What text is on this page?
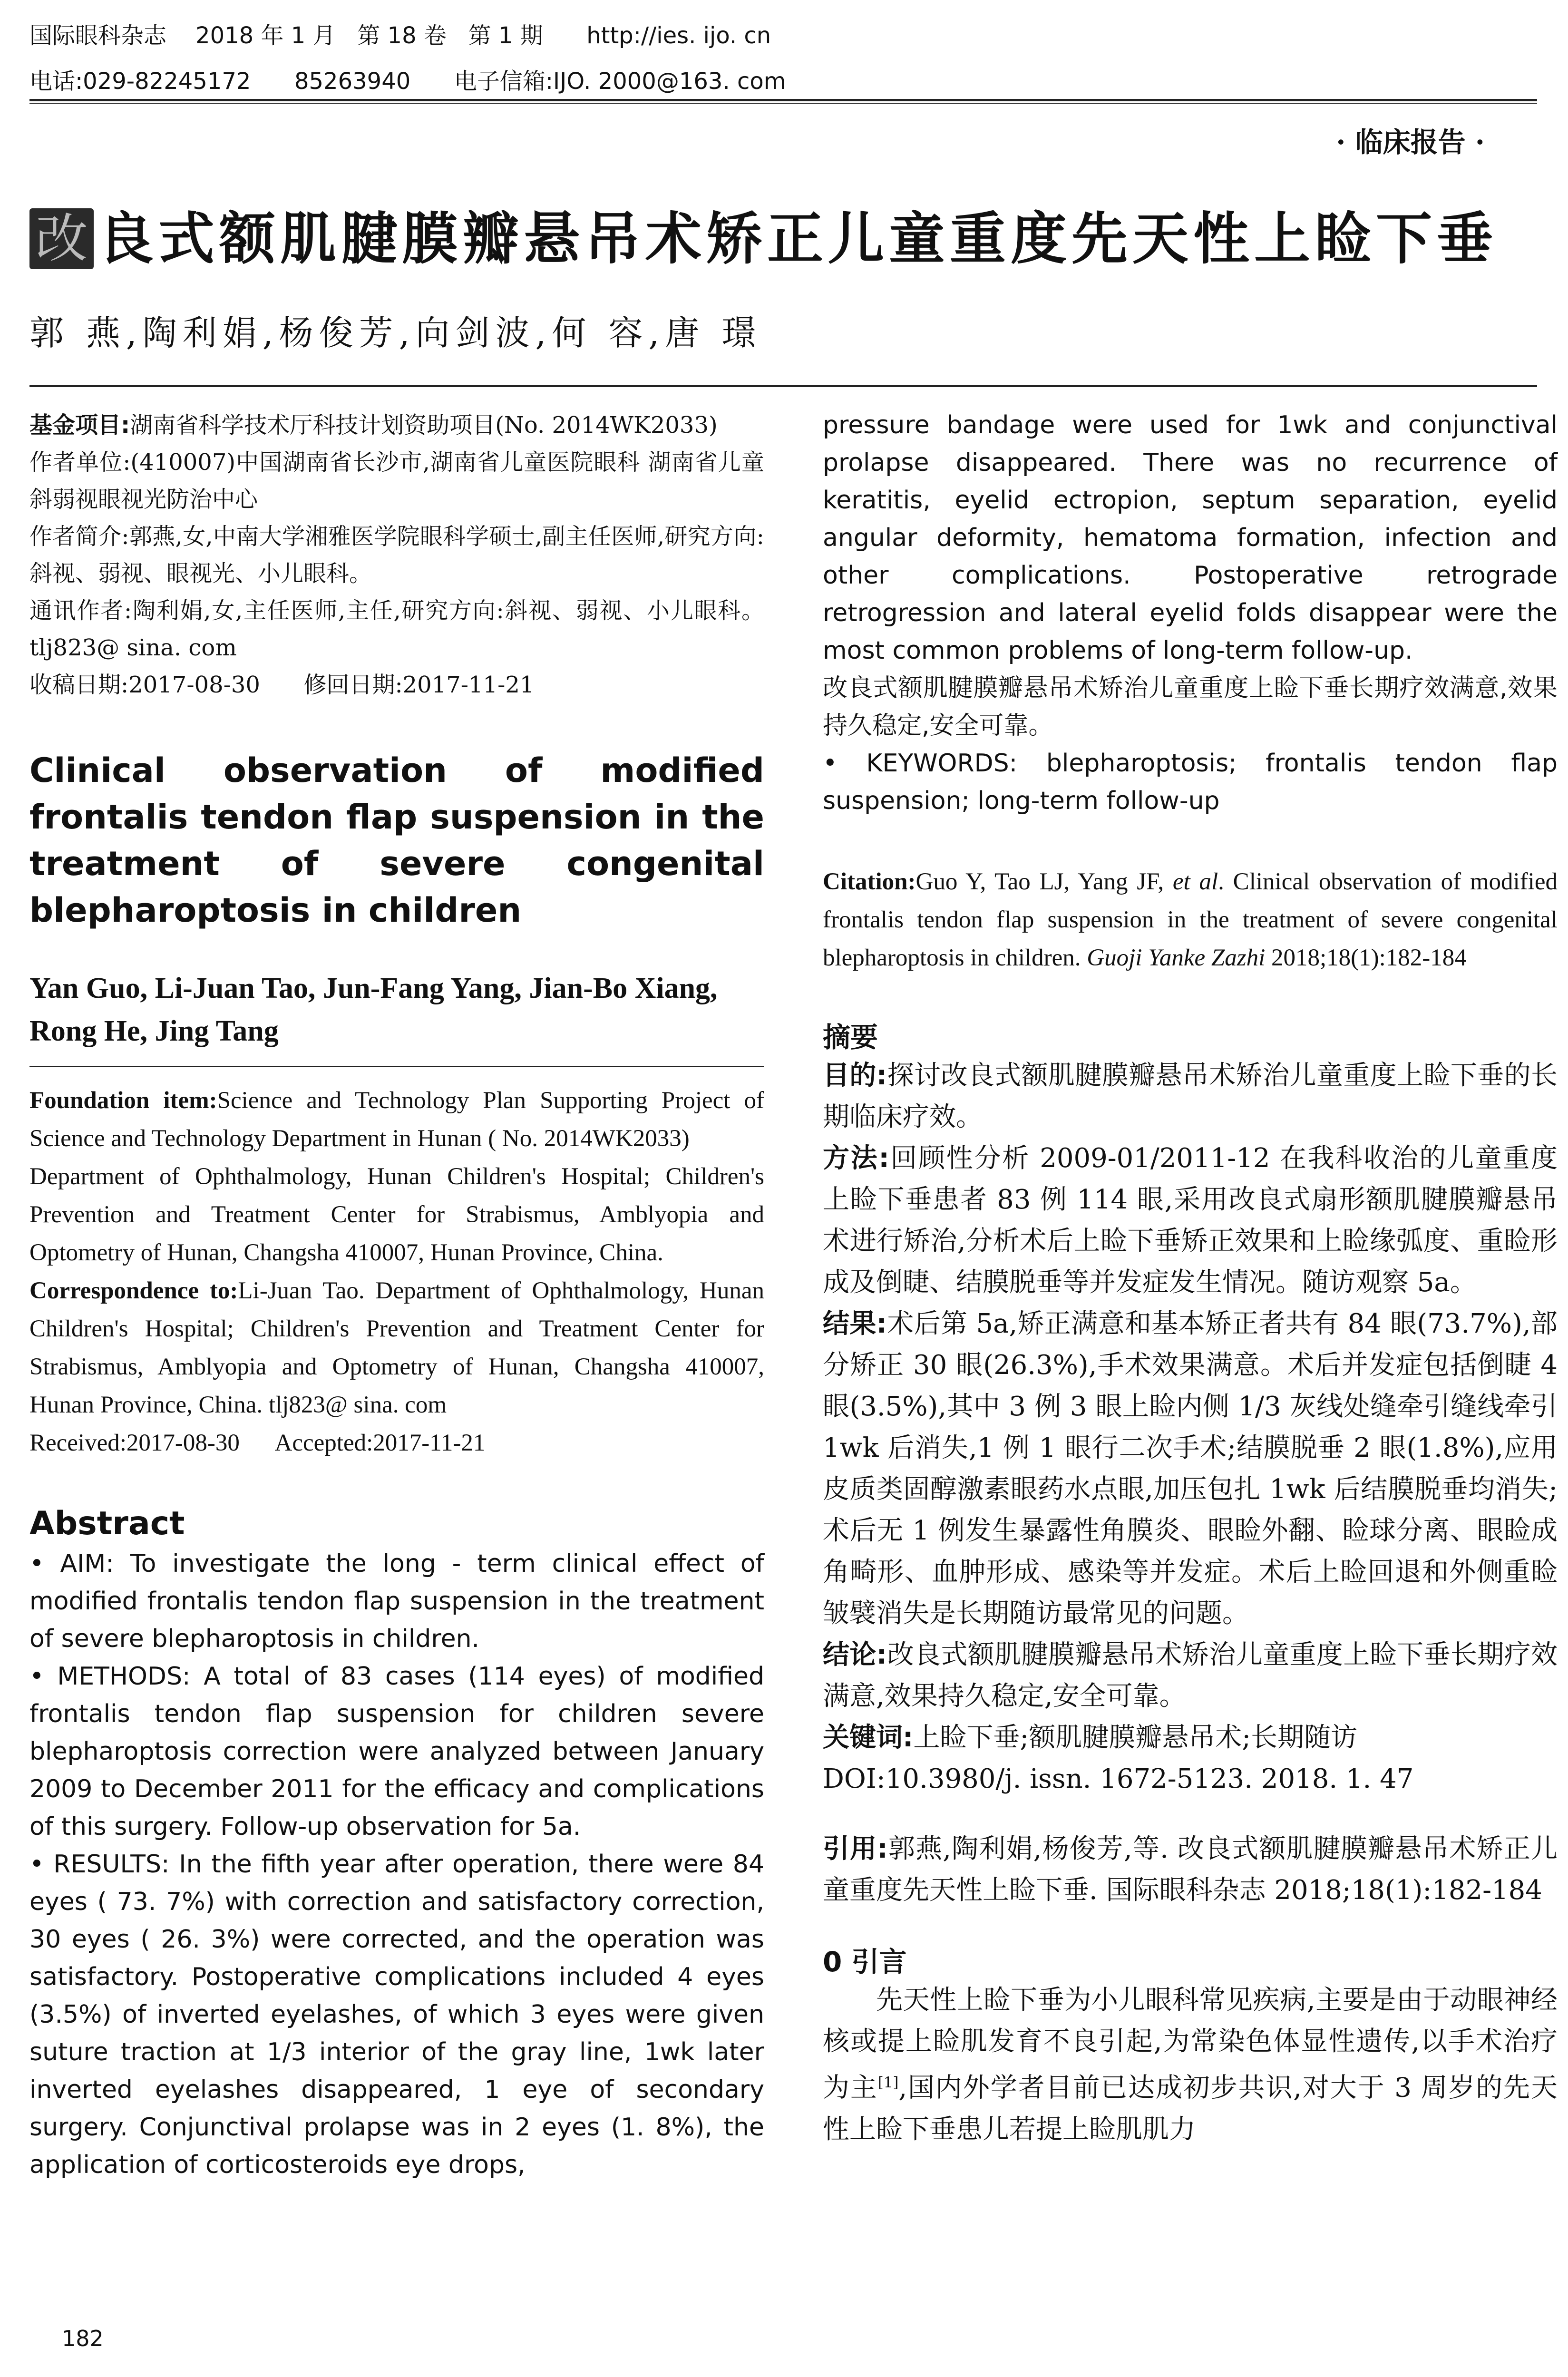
国际眼科杂志    2018 年 1 月   第 18 卷   第 1 期      http://ies. ijo. cn
电话:029-82245172      85263940      电子信箱:IJO. 2000@163. com
· 临床报告 ·
改 良式额肌腱膜瓣悬吊术矫正儿童重度先天性上睑下垂
郭 燕,陶利娟,杨俊芳,向剑波,何 容,唐 璟

基金项目:湖南省科学技术厅科技计划资助项目(No. 2014WK2033)

作者单位:(410007)中国湖南省长沙市,湖南省儿童医院眼科 湖南省儿童斜弱视眼视光防治中心

作者简介:郭燕,女,中南大学湘雅医学院眼科学硕士,副主任医师,研究方向:斜视、弱视、眼视光、小儿眼科。

通讯作者:陶利娟,女,主任医师,主任,研究方向:斜视、弱视、小儿眼科。tlj823@ sina. com

收稿日期:2017-08-30      修回日期:2017-11-21

Clinical observation of modified frontalis tendon flap suspension in the treatment of severe congenital blepharoptosis in children

Yan Guo, Li-Juan Tao, Jun-Fang Yang, Jian-Bo Xiang, Rong He, Jing Tang

Foundation item:Science and Technology Plan Supporting Project of Science and Technology Department in Hunan ( No. 2014WK2033)

Department of Ophthalmology, Hunan Children's Hospital; Children's Prevention and Treatment Center for Strabismus, Amblyopia and Optometry of Hunan, Changsha 410007, Hunan Province, China.

Correspondence to:Li-Juan Tao. Department of Ophthalmology, Hunan Children's Hospital; Children's Prevention and Treatment Center for Strabismus, Amblyopia and Optometry of Hunan, Changsha 410007, Hunan Province, China. tlj823@ sina. com

Received:2017-08-30      Accepted:2017-11-21

Abstract

• AIM: To investigate the long - term clinical effect of modified frontalis tendon flap suspension in the treatment of severe blepharoptosis in children.

• METHODS: A total of 83 cases (114 eyes) of modified frontalis tendon flap suspension for children severe blepharoptosis correction were analyzed between January 2009 to December 2011 for the efficacy and complications of this surgery. Follow-up observation for 5a.

• RESULTS: In the fifth year after operation, there were 84 eyes ( 73. 7%) with correction and satisfactory correction, 30 eyes ( 26. 3%) were corrected, and the operation was satisfactory. Postoperative complications included 4 eyes (3.5%) of inverted eyelashes, of which 3 eyes were given suture traction at 1/3 interior of the gray line, 1wk later inverted eyelashes disappeared, 1 eye of secondary surgery. Conjunctival prolapse was in 2 eyes (1. 8%), the application of corticosteroids eye drops,

pressure bandage were used for 1wk and conjunctival prolapse disappeared. There was no recurrence of keratitis, eyelid ectropion, septum separation, eyelid angular deformity, hematoma formation, infection and other complications. Postoperative retrograde retrogression and lateral eyelid folds disappear were the most common problems of long-term follow-up.

改良式额肌腱膜瓣悬吊术矫治儿童重度上睑下垂长期疗效满意,效果持久稳定,安全可靠。

• KEYWORDS: blepharoptosis; frontalis tendon flap suspension; long-term follow-up

Citation:Guo Y, Tao LJ, Yang JF, et al. Clinical observation of modified frontalis tendon flap suspension in the treatment of severe congenital blepharoptosis in children. Guoji Yanke Zazhi 2018;18(1):182-184

摘要

目的:探讨改良式额肌腱膜瓣悬吊术矫治儿童重度上睑下垂的长期临床疗效。

方法:回顾性分析 2009-01/2011-12 在我科收治的儿童重度上睑下垂患者 83 例 114 眼,采用改良式扇形额肌腱膜瓣悬吊术进行矫治,分析术后上睑下垂矫正效果和上睑缘弧度、重睑形成及倒睫、结膜脱垂等并发症发生情况。随访观察 5a。

结果:术后第 5a,矫正满意和基本矫正者共有 84 眼(73.7%),部分矫正 30 眼(26.3%),手术效果满意。术后并发症包括倒睫 4 眼(3.5%),其中 3 例 3 眼上睑内侧 1/3 灰线处缝牵引缝线牵引 1wk 后消失,1 例 1 眼行二次手术;结膜脱垂 2 眼(1.8%),应用皮质类固醇激素眼药水点眼,加压包扎 1wk 后结膜脱垂均消失;术后无 1 例发生暴露性角膜炎、眼睑外翻、睑球分离、眼睑成角畸形、血肿形成、感染等并发症。术后上睑回退和外侧重睑皱襞消失是长期随访最常见的问题。

结论:改良式额肌腱膜瓣悬吊术矫治儿童重度上睑下垂长期疗效满意,效果持久稳定,安全可靠。

关键词:上睑下垂;额肌腱膜瓣悬吊术;长期随访

DOI:10.3980/j. issn. 1672-5123. 2018. 1. 47

引用:郭燕,陶利娟,杨俊芳,等. 改良式额肌腱膜瓣悬吊术矫正儿童重度先天性上睑下垂. 国际眼科杂志 2018;18(1):182-184

0 引言

先天性上睑下垂为小儿眼科常见疾病,主要是由于动眼神经核或提上睑肌发育不良引起,为常染色体显性遗传,以手术治疗为主[1],国内外学者目前已达成初步共识,对大于 3 周岁的先天性上睑下垂患儿若提上睑肌肌力

182
